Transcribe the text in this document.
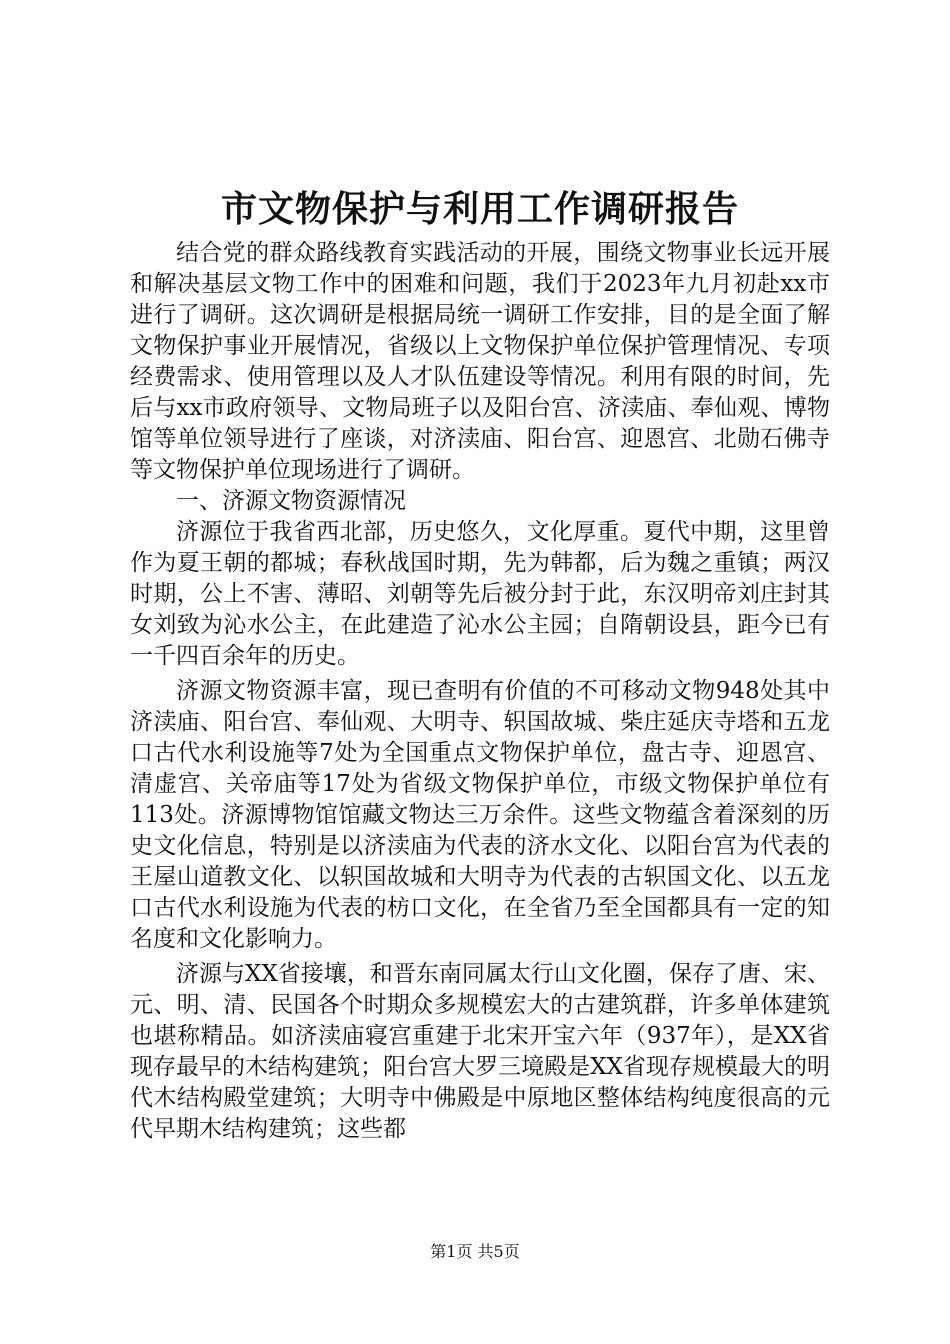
市文物保护与利用工作调研报告

结合党的群众路线教育实践活动的开展，围绕文物事业长远开展和解决基层文物工作中的困难和问题，我们于2023年九月初赴xx市进行了调研。这次调研是根据局统一调研工作安排，目的是全面了解文物保护事业开展情况，省级以上文物保护单位保护管理情况、专项经费需求、使用管理以及人才队伍建设等情况。利用有限的时间，先后与xx市政府领导、文物局班子以及阳台宫、济渎庙、奉仙观、博物馆等单位领导进行了座谈，对济渎庙、阳台宫、迎恩宫、北勋石佛寺等文物保护单位现场进行了调研。

一、济源文物资源情况

济源位于我省西北部，历史悠久，文化厚重。夏代中期，这里曾作为夏王朝的都城；春秋战国时期，先为韩都，后为魏之重镇；两汉时期，公上不害、薄昭、刘朝等先后被分封于此，东汉明帝刘庄封其女刘致为沁水公主，在此建造了沁水公主园；自隋朝设县，距今已有一千四百余年的历史。

济源文物资源丰富，现已查明有价值的不可移动文物948处其中济渎庙、阳台宫、奉仙观、大明寺、轵国故城、柴庄延庆寺塔和五龙口古代水利设施等7处为全国重点文物保护单位，盘古寺、迎恩宫、清虚宫、关帝庙等17处为省级文物保护单位，市级文物保护单位有113处。济源博物馆馆藏文物达三万余件。这些文物蕴含着深刻的历史文化信息，特别是以济渎庙为代表的济水文化、以阳台宫为代表的王屋山道教文化、以轵国故城和大明寺为代表的古轵国文化、以五龙口古代水利设施为代表的枋口文化，在全省乃至全国都具有一定的知名度和文化影响力。

济源与XX省接壤，和晋东南同属太行山文化圈，保存了唐、宋、元、明、清、民国各个时期众多规模宏大的古建筑群，许多单体建筑也堪称精品。如济渎庙寝宫重建于北宋开宝六年（937年），是XX省现存最早的木结构建筑；阳台宫大罗三境殿是XX省现存规模最大的明代木结构殿堂建筑；大明寺中佛殿是中原地区整体结构纯度很高的元代早期木结构建筑；这些都

第1页 共5页
